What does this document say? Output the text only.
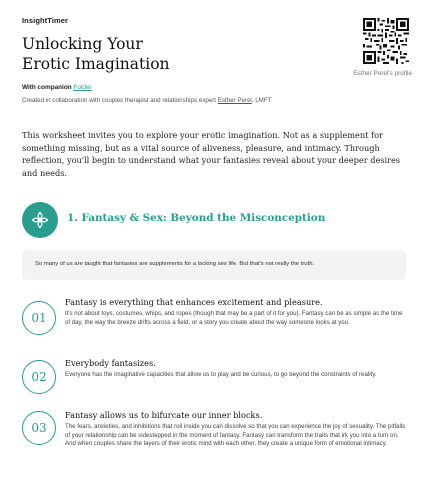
InsightTimer
Unlocking Your
Erotic Imagination
With companion Folder
Created in collaboration with couples therapist and relationships expert Esther Perel, LMFT
Esther Perel's profile

This worksheet invites you to explore your erotic imagination. Not as a supplement for something missing, but as a vital source of aliveness, pleasure, and intimacy. Through reflection, you'll begin to understand what your fantasies reveal about your deeper desires and needs.

1. Fantasy & Sex: Beyond the Misconception
So many of us are taught that fantasies are supplements for a lacking sex life. But that's not really the truth.
01
Fantasy is everything that enhances excitement and pleasure.
It's not about toys, costumes, whips, and ropes (though that may be a part of it for you). Fantasy can be as simple as the time of day, the way the breeze drifts across a field, or a story you create about the way someone looks at you.
02
Everybody fantasizes.
Everyone has the imaginative capacities that allow us to play and be curious, to go beyond the constraints of reality.
03
Fantasy allows us to bifurcate our inner blocks.
The fears, anxieties, and inhibitions that roil inside you can dissolve so that you can experience the joy of sexuality. The pitfalls of your relationship can be sidestepped in the moment of fantasy. Fantasy can transform the traits that irk you into a turn on. And when couples share the layers of their erotic mind with each other, they create a unique form of emotional intimacy.
